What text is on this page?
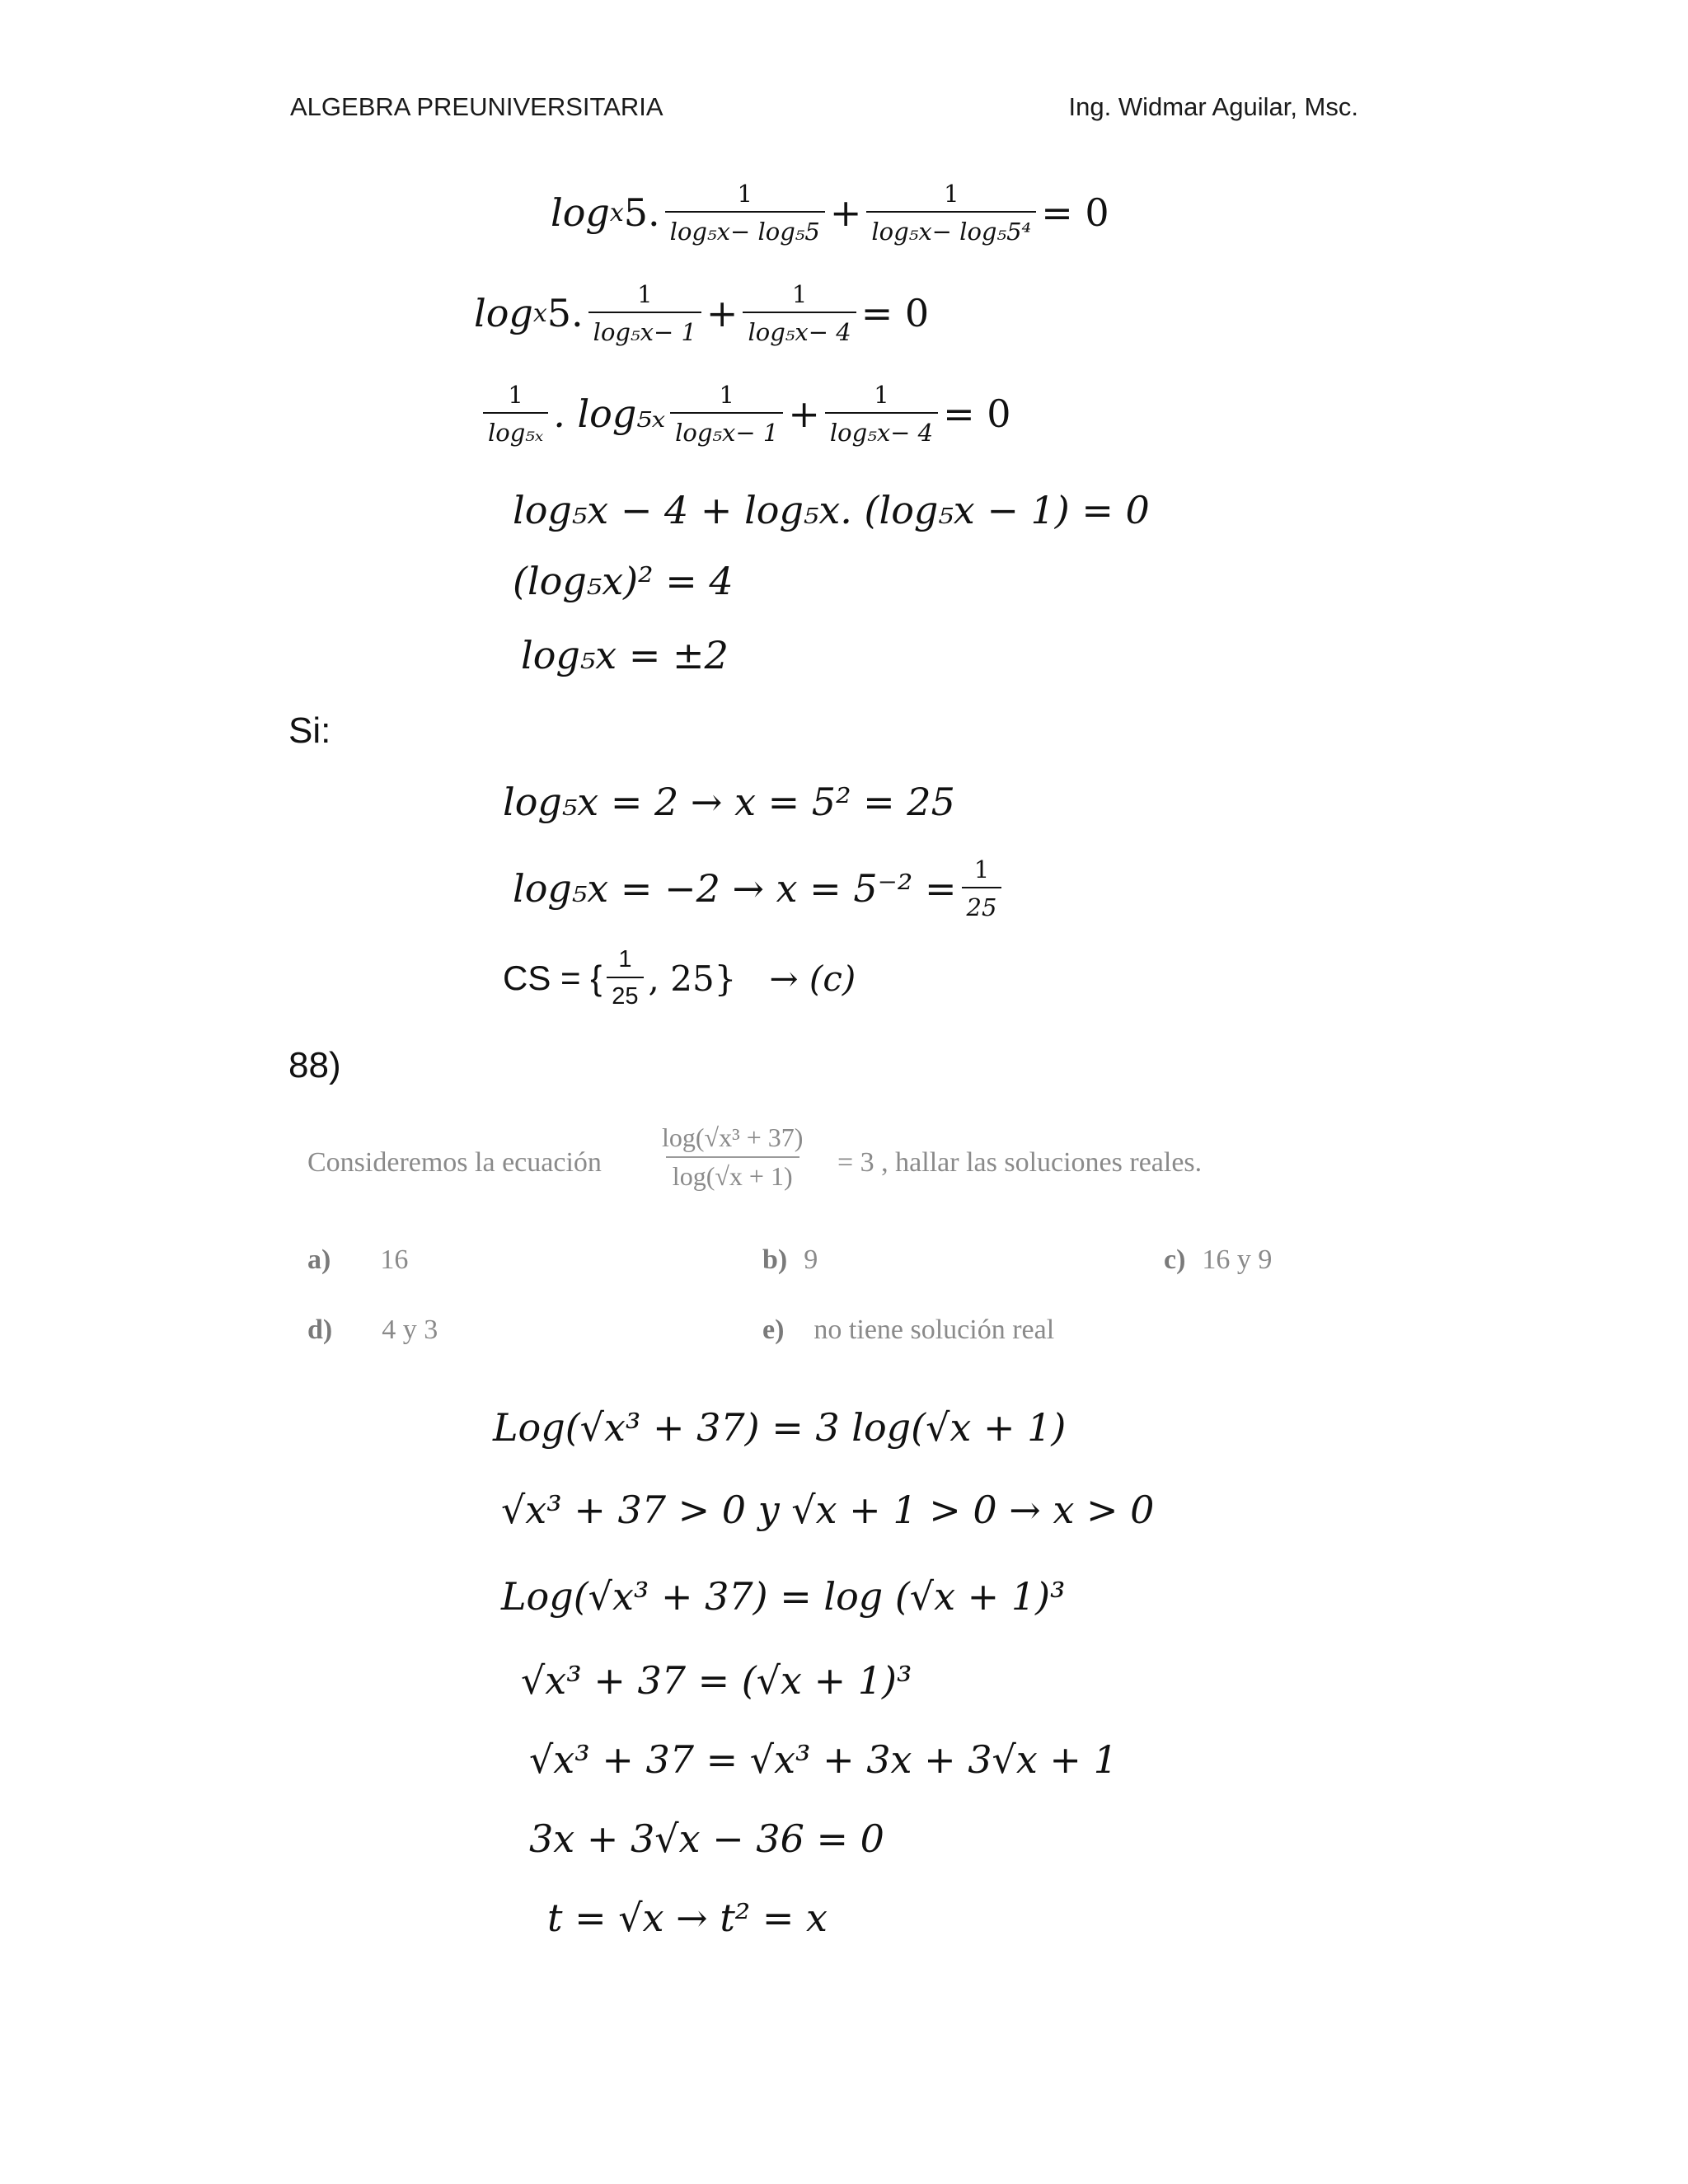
ALGEBRA PREUNIVERSITARIA	Ing. Widmar Aguilar, Msc.
log x 5. $\frac{1}{\text{log₅x− log₅5}} + \frac{1}{\text{log₅x− log₅5⁴}} = 0$
log x 5. $\frac{1}{\text{log₅x− 1}} + \frac{1}{\text{log₅x− 4}} = 0$
$\frac{1}{\text{log₅ₓ}}$ . $\log_{5x} \frac{1}{\text{log₅x− 1}} + \frac{1}{\text{log₅x− 4}} = 0$
log₅x − 4 + log₅x. (log₅x − 1) = 0
(log₅x)² = 4
log₅x = ±2
Si:
log₅x = 2 → x = 5² = 25
$\log_5x = -2 \to x = 5^{-2} = \frac{1}{25}$
CS = { $\frac{1}{25}$ , 25} → (c)
88)
Consideremos la ecuación
log(√x³ + 37)
log(√x + 1) = 3 , hallar las soluciones reales.
a) 16	b) 9	c) 16 y 9
d) 4 y 3	e) no tiene solución real
Log(√x³ + 37) = 3 log(√x + 1)
√x³ + 37 > 0 y √x + 1 > 0 → x > 0
Log(√x³ + 37) = log (√x + 1)³
√x³ + 37 = (√x + 1)³
√x³ + 37 = √x³ + 3x + 3√x + 1
3x + 3√x − 36 = 0
t = √x → t² = x
